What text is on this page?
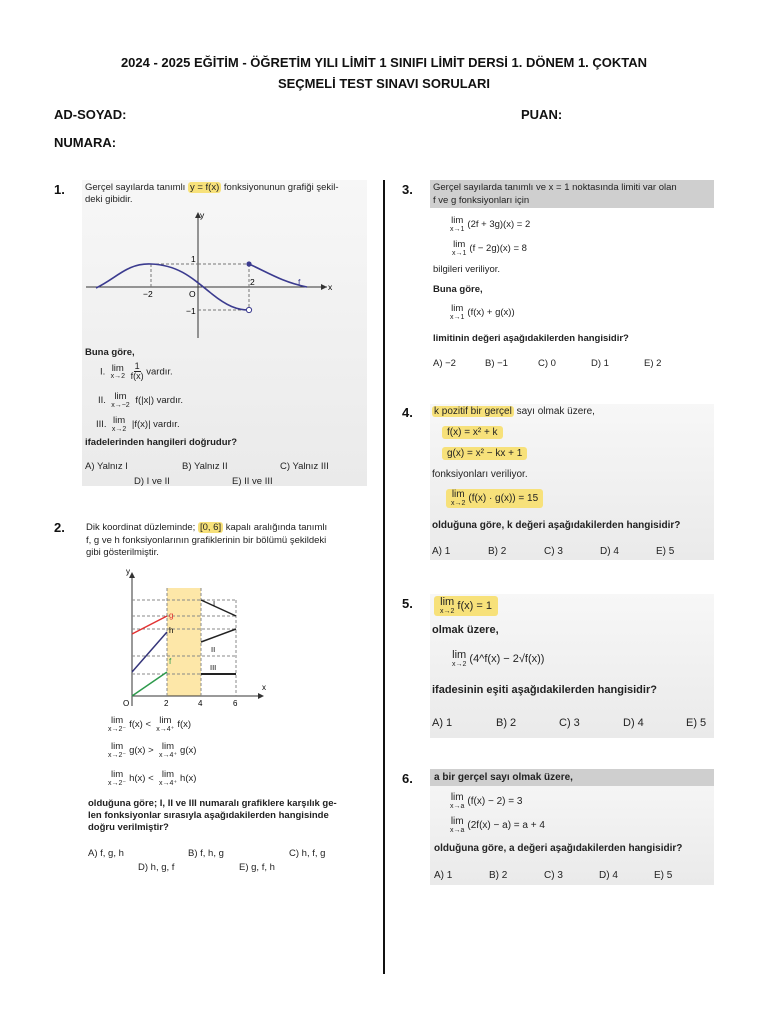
2024 - 2025 EĞİTİM - ÖĞRETİM YILI LİMİT 1 SINIFI LİMİT DERSİ 1. DÖNEM 1. ÇOKTAN
SEÇMELİ TEST SINAVI SORULARI
AD-SOYAD:	PUAN:
NUMARA:
1. Gerçel sayılarda tanımlı y = f(x) fonksiyonunun grafiği şekil-
deki gibidir.
y
x
O
−2
2
1
−1
f
Buna göre,
I. lim
x→2
$\frac{1}{f(x)}$ vardır.
II. lim
x→−2 f(|x|) vardır.
III. lim
x→2 |f(x)| vardır.
ifadelerinden hangileri doğrudur?
A) Yalnız I	B) Yalnız II	C) Yalnız III
D) I ve II	E) II ve III
2. Dik koordinat düzleminde; [0, 6] kapalı aralığında tanımlı
f, g ve h fonksiyonlarının grafiklerinin bir bölümü şekildeki
gibi gösterilmiştir.
y
x
O	2	4	6
g
h
f
I
II
III
lim
x→2⁻ f(x) < lim
x→4⁺ f(x)
lim
x→2⁻ g(x) > lim
x→4⁺ g(x)
lim
x→2⁻ h(x) < lim
x→4⁺ h(x)
olduğuna göre; I, II ve III numaralı grafiklere karşılık ge-
len fonksiyonlar sırasıyla aşağıdakilerden hangisinde
doğru verilmiştir?
A) f, g, h	B) f, h, g	C) h, f, g
D) h, g, f	E) g, f, h
3. Gerçel sayılarda tanımlı ve x = 1 noktasında limiti var olan
f ve g fonksiyonları için
lim
x→1 (2f + 3g)(x) = 2
lim
x→1 (f − 2g)(x) = 8
bilgileri veriliyor.
Buna göre,
lim
x→1 (f(x) + g(x))
limitinin değeri aşağıdakilerden hangisidir?
A) −2	B) −1	C) 0	D) 1	E) 2
4. k pozitif bir gerçel sayı olmak üzere,
f(x) = x² + k
g(x) = x² − kx + 1
fonksiyonları veriliyor.
lim
x→2 (f(x) · g(x)) = 15
olduğuna göre, k değeri aşağıdakilerden hangisidir?
A) 1	B) 2	C) 3	D) 4	E) 5
5. lim
x→2 f(x) = 1
olmak üzere,
lim
x→2 (4^f(x) − 2√f(x))
ifadesinin eşiti aşağıdakilerden hangisidir?
A) 1	B) 2	C) 3	D) 4	E) 5
6. a bir gerçel sayı olmak üzere,
lim
x→a (f(x) − 2) = 3
lim
x→a (2f(x) − a) = a + 4
olduğuna göre, a değeri aşağıdakilerden hangisidir?
A) 1	B) 2	C) 3	D) 4	E) 5
